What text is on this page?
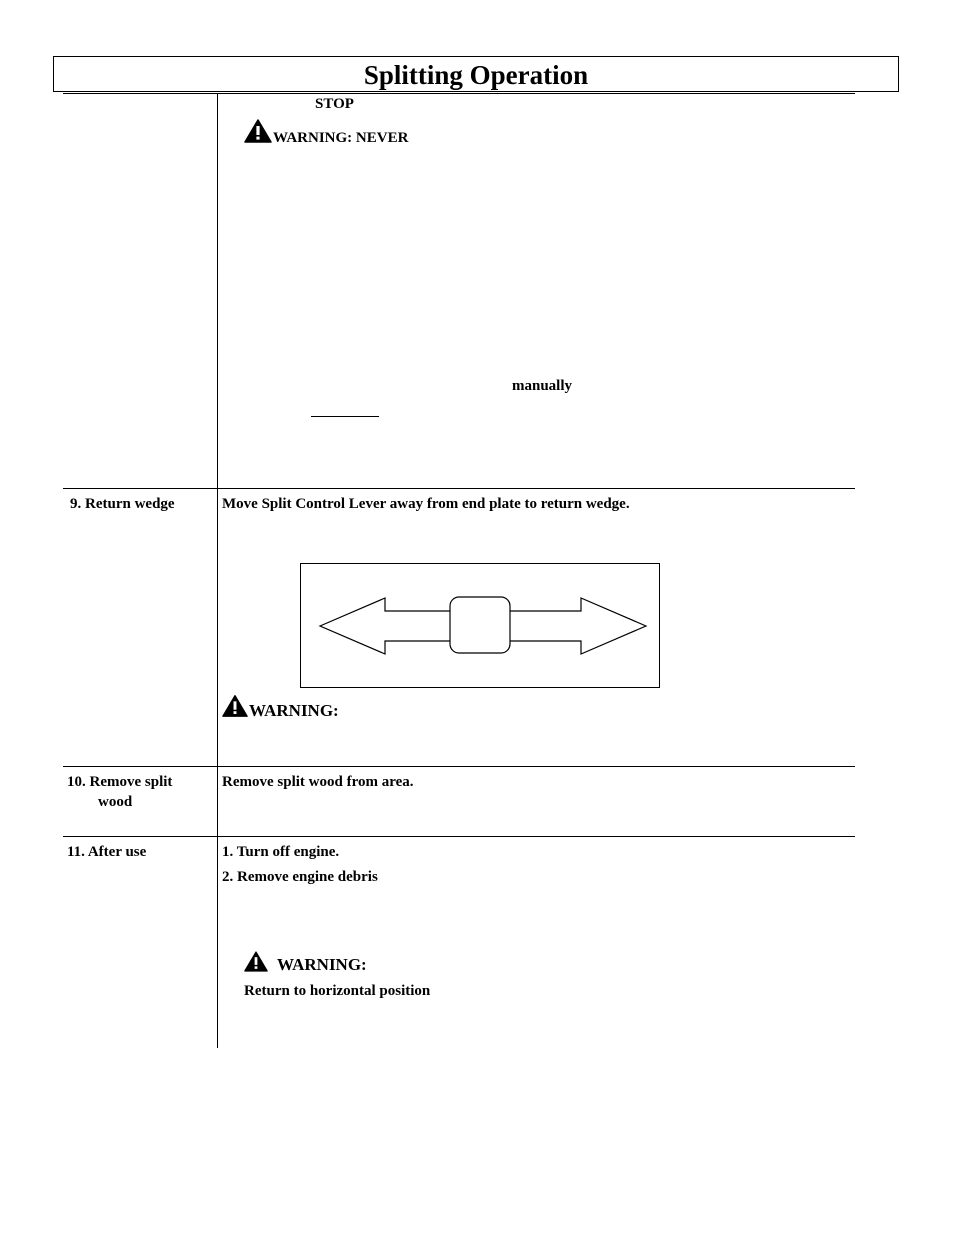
Splitting Operation
STOP
WARNING: NEVER
manually
9. Return wedge	Move Split Control Lever away from end plate to return wedge.
WARNING:
10. Remove split
wood
Remove split wood from area.
11. After use	1. Turn off engine.
2. Remove engine debris
WARNING:
Return to horizontal position
